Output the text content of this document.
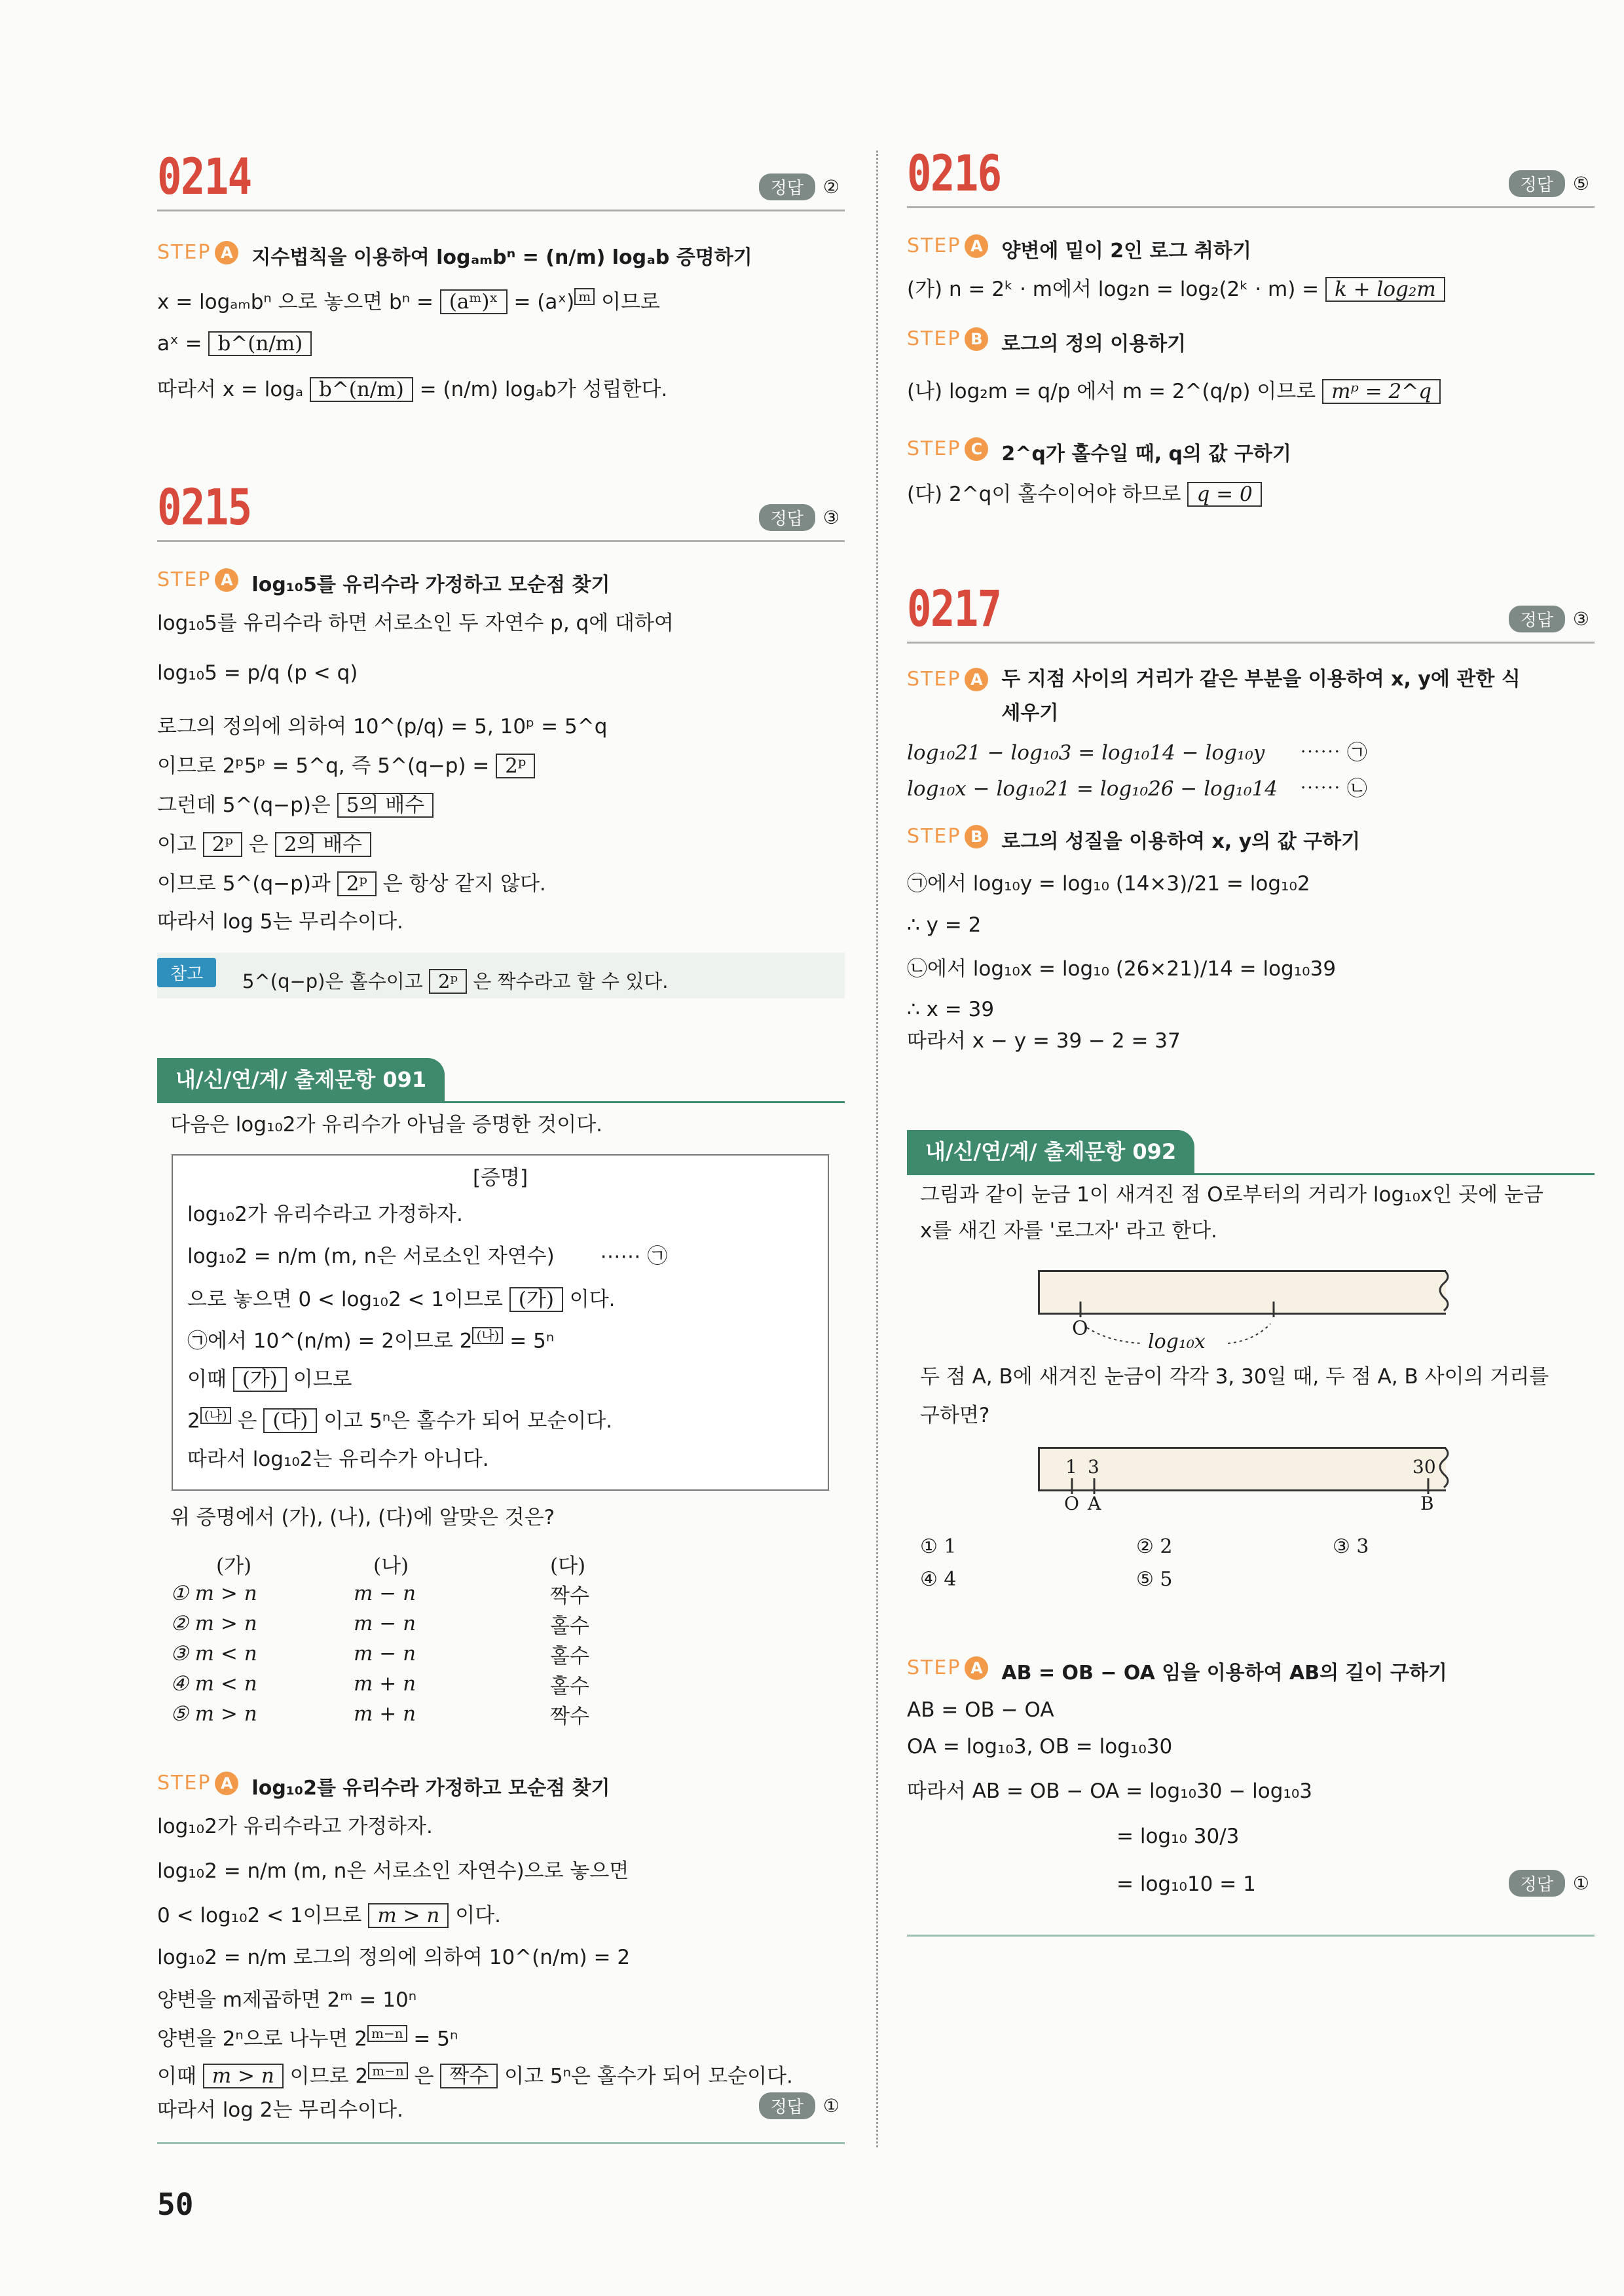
0214	정답	②
STEP A 지수법칙을 이용하여 logₐₘbⁿ = (n/m) logₐb 증명하기
x = logₐₘbⁿ 으로 놓으면 bⁿ = (aᵐ)ˣ = (aˣ) m 이므로
aˣ = b^(n/m)
따라서 x = logₐ b^(n/m) = (n/m) logₐb가 성립한다.
0215	정답	③
STEP A log₁₀5를 유리수라 가정하고 모순점 찾기
log₁₀5를 유리수라 하면 서로소인 두 자연수 p, q에 대하여
log₁₀5 = p/q (p < q)
로그의 정의에 의하여 10^(p/q) = 5, 10ᵖ = 5^q
이므로 2ᵖ5ᵖ = 5^q, 즉 5^(q−p) = 2ᵖ
그런데 5^(q−p)은 5의 배수
이고 2ᵖ 은 2의 배수
이므로 5^(q−p)과 2ᵖ 은 항상 같지 않다.
따라서 log 5는 무리수이다.
참고	5^(q−p)은 홀수이고 2ᵖ 은 짝수라고 할 수 있다.
내/신/연/계/ 출제문항 091
다음은 log₁₀2가 유리수가 아님을 증명한 것이다.
[증명]
log₁₀2가 유리수라고 가정하자.
log₁₀2 = n/m (m, n은 서로소인 자연수) ⋯⋯ ㉠
으로 놓으면 0 < log₁₀2 < 1이므로 (가) 이다.
㉠에서 10^(n/m) = 2이므로 2 (나) = 5ⁿ
이때 (가) 이므로
2 (나) 은 (다) 이고 5ⁿ은 홀수가 되어 모순이다.
따라서 log₁₀2는 유리수가 아니다.
위 증명에서 (가), (나), (다)에 알맞은 것은?
(가)	(나)	(다)
① m > n	m − n	짝수
② m > n	m − n	홀수
③ m < n	m − n	홀수
④ m < n	m + n	홀수
⑤ m > n	m + n	짝수
STEP A log₁₀2를 유리수라 가정하고 모순점 찾기
log₁₀2가 유리수라고 가정하자.
log₁₀2 = n/m (m, n은 서로소인 자연수)으로 놓으면
0 < log₁₀2 < 1이므로 m > n 이다.
log₁₀2 = n/m 로그의 정의에 의하여 10^(n/m) = 2
양변을 m제곱하면 2ᵐ = 10ⁿ
양변을 2ⁿ으로 나누면 2 m−n = 5ⁿ
이때 m > n 이므로 2 m−n 은 짝수 이고 5ⁿ은 홀수가 되어 모순이다.
따라서 log 2는 무리수이다.	정답	①
0216	정답	⑤
STEP A 양변에 밑이 2인 로그 취하기
(가) n = 2ᵏ · m에서 log₂n = log₂(2ᵏ · m) = k + log₂m
STEP B 로그의 정의 이용하기
(나) log₂m = q/p 에서 m = 2^(q/p) 이므로 mᵖ = 2^q
STEP C 2^q가 홀수일 때, q의 값 구하기
(다) 2^q이 홀수이어야 하므로 q = 0
0217	정답	③
STEP A 두 지점 사이의 거리가 같은 부분을 이용하여 x, y에 관한 식 세우기
log₁₀21 − log₁₀3 = log₁₀14 − log₁₀y ⋯⋯ ㉠
log₁₀x − log₁₀21 = log₁₀26 − log₁₀14 ⋯⋯ ㉡
STEP B 로그의 성질을 이용하여 x, y의 값 구하기
㉠에서 log₁₀y = log₁₀ (14×3)/21 = log₁₀2
∴ y = 2
㉡에서 log₁₀x = log₁₀ (26×21)/14 = log₁₀39
∴ x = 39
따라서 x − y = 39 − 2 = 37
내/신/연/계/ 출제문항 092
그림과 같이 눈금 1이 새겨진 점 O로부터의 거리가 log₁₀x인 곳에 눈금
x를 새긴 자를 '로그자' 라고 한다.
O
log₁₀x
두 점 A, B에 새겨진 눈금이 각각 3, 30일 때, 두 점 A, B 사이의 거리를
구하면?
1 3	30
O A	B
① 1	② 2	③ 3
④ 4	⑤ 5
STEP A AB = OB − OA 임을 이용하여 AB의 길이 구하기
AB = OB − OA
OA = log₁₀3, OB = log₁₀30
따라서 AB = OB − OA = log₁₀30 − log₁₀3
= log₁₀ 30/3
= log₁₀10 = 1	정답	①
50
